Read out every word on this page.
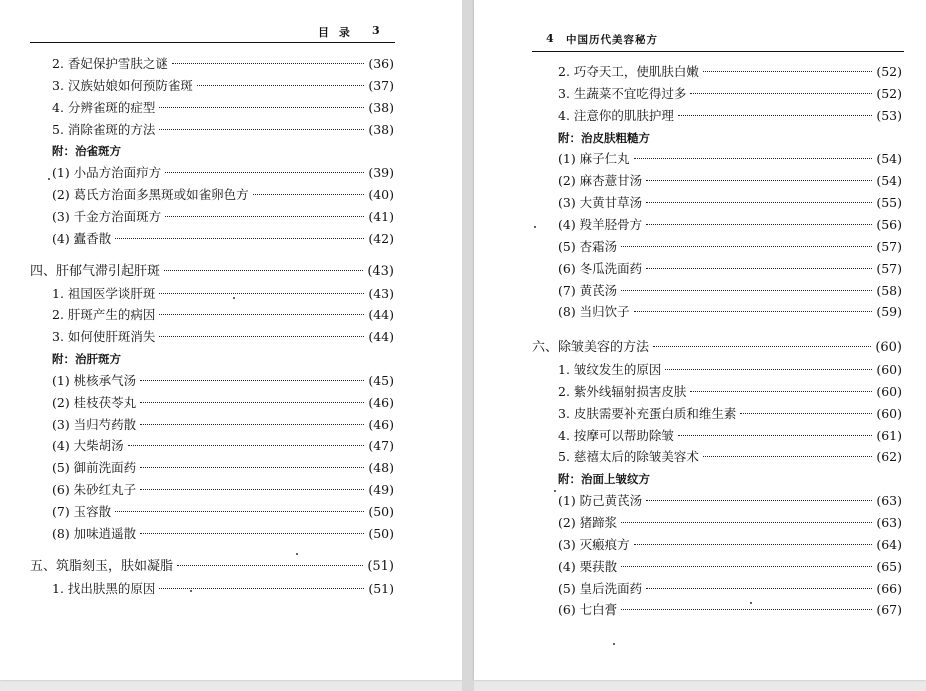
目 录 3
2. 香妃保护雪肤之谜	(36)
3. 汉族姑娘如何预防雀斑	(37)
4. 分辨雀斑的症型	(38)
5. 消除雀斑的方法	(38)
附：治雀斑方
(1) 小品方治面疖方	(39)
(2) 葛氏方治面多黑斑或如雀卵色方	(40)
(3) 千金方治面斑方	(41)
(4) 蠹香散	(42)
四、肝郁气滞引起肝斑	(43)
1. 祖国医学谈肝斑	(43)
2. 肝斑产生的病因	(44)
3. 如何使肝斑消失	(44)
附：治肝斑方
(1) 桃核承气汤	(45)
(2) 桂枝茯苓丸	(46)
(3) 当归芍药散	(46)
(4) 大柴胡汤	(47)
(5) 御前洗面药	(48)
(6) 朱砂红丸子	(49)
(7) 玉容散	(50)
(8) 加味逍遥散	(50)
五、筑脂刻玉，肤如凝脂	(51)
1. 找出肤黑的原因	(51)
4 中国历代美容秘方
2. 巧夺天工，使肌肤白嫩	(52)
3. 生蔬菜不宜吃得过多	(52)
4. 注意你的肌肤护理	(53)
附：治皮肤粗糙方
(1) 麻子仁丸	(54)
(2) 麻杏薏甘汤	(54)
(3) 大黄甘草汤	(55)
(4) 羖羊胫骨方	(56)
(5) 杏霜汤	(57)
(6) 冬瓜洗面药	(57)
(7) 黄芪汤	(58)
(8) 当归饮子	(59)
六、除皱美容的方法	(60)
1. 皱纹发生的原因	(60)
2. 紫外线辐射损害皮肤	(60)
3. 皮肤需要补充蛋白质和维生素	(60)
4. 按摩可以帮助除皱	(61)
5. 慈禧太后的除皱美容术	(62)
附：治面上皱纹方
(1) 防己黄芪汤	(63)
(2) 猪蹄浆	(63)
(3) 灭瘢痕方	(64)
(4) 栗荴散	(65)
(5) 皇后洗面药	(66)
(6) 七白膏	(67)
